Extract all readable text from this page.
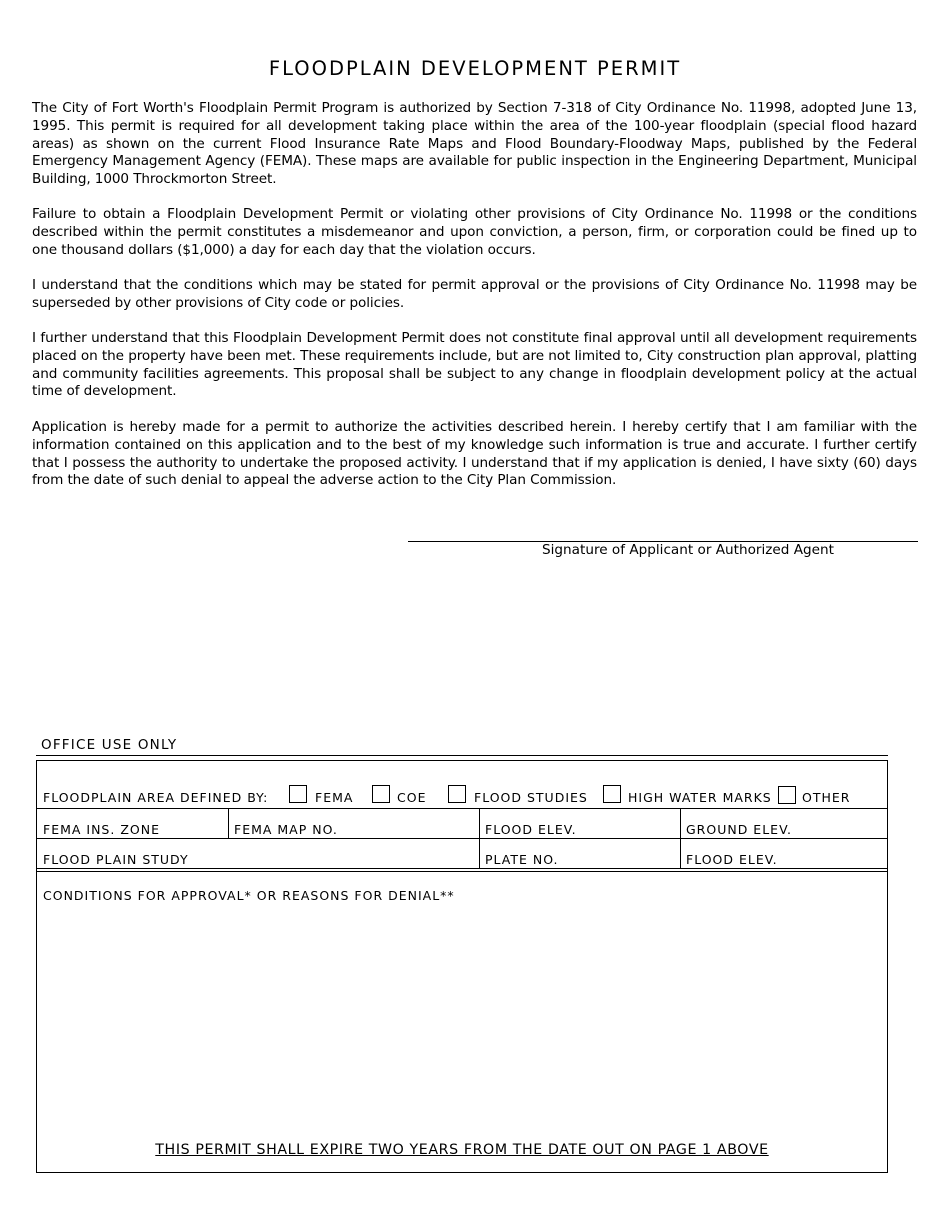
FLOODPLAIN DEVELOPMENT PERMIT

The City of Fort Worth's Floodplain Permit Program is authorized by Section 7-318 of City Ordinance No. 11998, adopted June 13, 1995. This permit is required for all development taking place within the area of the 100-year floodplain (special flood hazard areas) as shown on the current Flood Insurance Rate Maps and Flood Boundary-Floodway Maps, published by the Federal Emergency Management Agency (FEMA). These maps are available for public inspection in the Engineering Department, Municipal Building, 1000 Throckmorton Street.

Failure to obtain a Floodplain Development Permit or violating other provisions of City Ordinance No. 11998 or the conditions described within the permit constitutes a misdemeanor and upon conviction, a person, firm, or corporation could be fined up to one thousand dollars ($1,000) a day for each day that the violation occurs.

I understand that the conditions which may be stated for permit approval or the provisions of City Ordinance No. 11998 may be superseded by other provisions of City code or policies.

I further understand that this Floodplain Development Permit does not constitute final approval until all development requirements placed on the property have been met. These requirements include, but are not limited to, City construction plan approval, platting and community facilities agreements. This proposal shall be subject to any change in floodplain development policy at the actual time of development.

Application is hereby made for a permit to authorize the activities described herein. I hereby certify that I am familiar with the information contained on this application and to the best of my knowledge such information is true and accurate. I further certify that I possess the authority to undertake the proposed activity. I understand that if my application is denied, I have sixty (60) days from the date of such denial to appeal the adverse action to the City Plan Commission.

Signature of Applicant or Authorized Agent
OFFICE USE ONLY
FLOODPLAIN AREA DEFINED BY:	FEMA	COE	FLOOD STUDIES	HIGH WATER MARKS OTHER
FEMA INS. ZONE	FEMA MAP NO.	FLOOD ELEV.	GROUND ELEV.
FLOOD PLAIN STUDY	PLATE NO.	FLOOD ELEV.
CONDITIONS FOR APPROVAL* OR REASONS FOR DENIAL**
THIS PERMIT SHALL EXPIRE TWO YEARS FROM THE DATE OUT ON PAGE 1 ABOVE
